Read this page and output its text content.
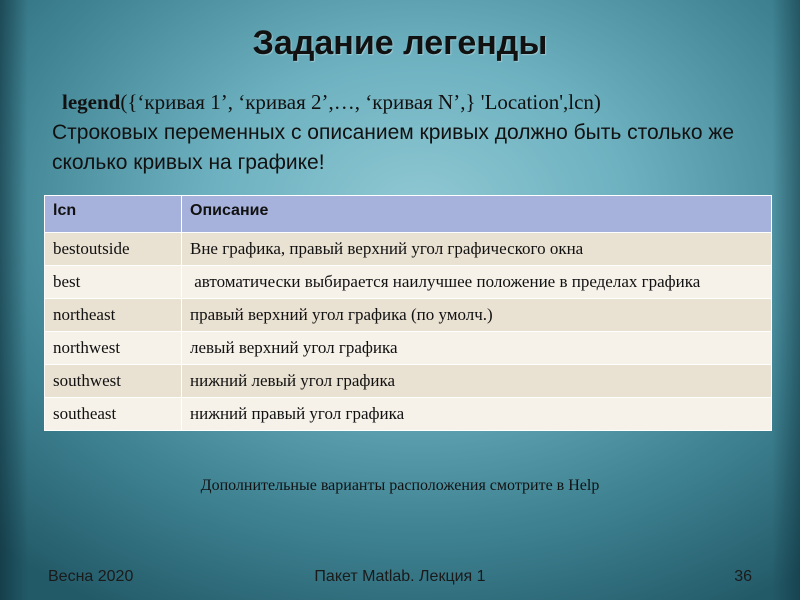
Задание легенды
legend({‘кривая 1’, ‘кривая 2’,…, ‘кривая N’,} 'Location',lcn)
Строковых переменных с описанием кривых должно быть столько же сколько кривых на графике!
lcn	Описание
bestoutside	Вне графика, правый верхний угол графического окна
best	автоматически выбирается наилучшее положение в пределах графика
northeast	правый верхний угол графика (по умолч.)
northwest	левый верхний угол графика
southwest	нижний левый угол графика
southeast	нижний правый угол графика
Дополнительные варианты расположения смотрите в Help
Весна 2020	Пакет Matlab. Лекция 1	36
